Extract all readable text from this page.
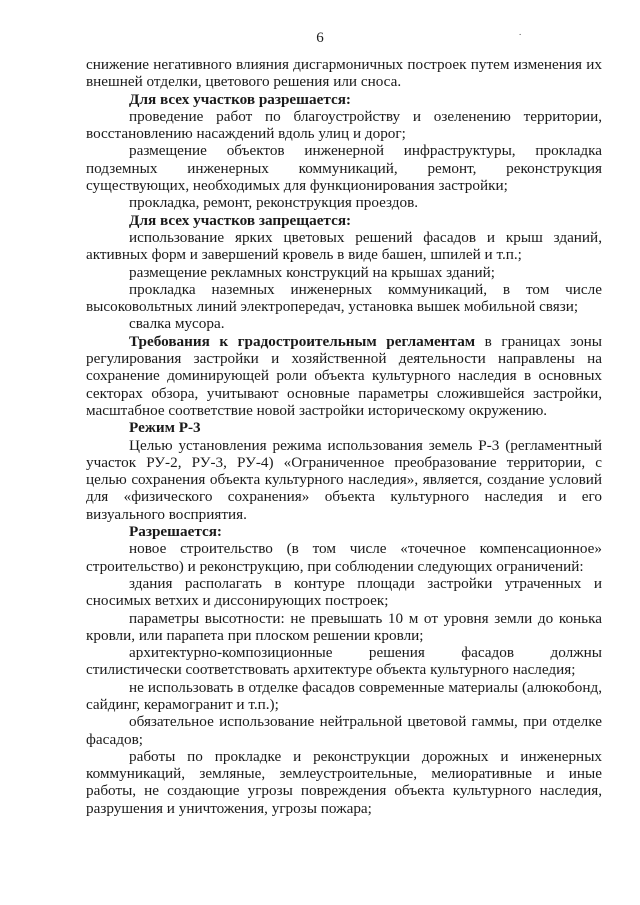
6	.

снижение негативного влияния дисгармоничных построек путем изменения их внешней отделки, цветового решения или сноса.

Для всех участков разрешается:

проведение работ по благоустройству и озеленению территории, восстановлению насаждений вдоль улиц и дорог;

размещение объектов инженерной инфраструктуры, прокладка подземных инженерных коммуникаций, ремонт, реконструкция существующих, необходимых для функционирования застройки;

прокладка, ремонт, реконструкция проездов.

Для всех участков запрещается:

использование ярких цветовых решений фасадов и крыш зданий, активных форм и завершений кровель в виде башен, шпилей и т.п.;

размещение рекламных конструкций на крышах зданий;

прокладка наземных инженерных коммуникаций, в том числе высоковольтных линий электропередач, установка вышек мобильной связи;

свалка мусора.

Требования к градостроительным регламентам в границах зоны регулирования застройки и хозяйственной деятельности направлены на сохранение доминирующей роли объекта культурного наследия в основных секторах обзора, учитывают основные параметры сложившейся застройки, масштабное соответствие новой застройки историческому окружению.

Режим Р-3

Целью установления режима использования земель Р-3 (регламентный участок РУ-2, РУ-3, РУ-4) «Ограниченное преобразование территории, с целью сохранения объекта культурного наследия», является, создание условий для «физического сохранения» объекта культурного наследия и его визуального восприятия.

Разрешается:

новое строительство (в том числе «точечное компенсационное» строительство) и реконструкцию, при соблюдении следующих ограничений:

здания располагать в контуре площади застройки утраченных и сносимых ветхих и диссонирующих построек;

параметры высотности: не превышать 10 м от уровня земли до конька кровли, или парапета при плоском решении кровли;

архитектурно-композиционные решения фасадов должны стилистически соответствовать архитектуре объекта культурного наследия;

не использовать в отделке фасадов современные материалы (алюкобонд, сайдинг, керамогранит и т.п.);

обязательное использование нейтральной цветовой гаммы, при отделке фасадов;

работы по прокладке и реконструкции дорожных и инженерных коммуникаций, земляные, землеустроительные, мелиоративные и иные работы, не создающие угрозы повреждения объекта культурного наследия, разрушения и уничтожения, угрозы пожара;
